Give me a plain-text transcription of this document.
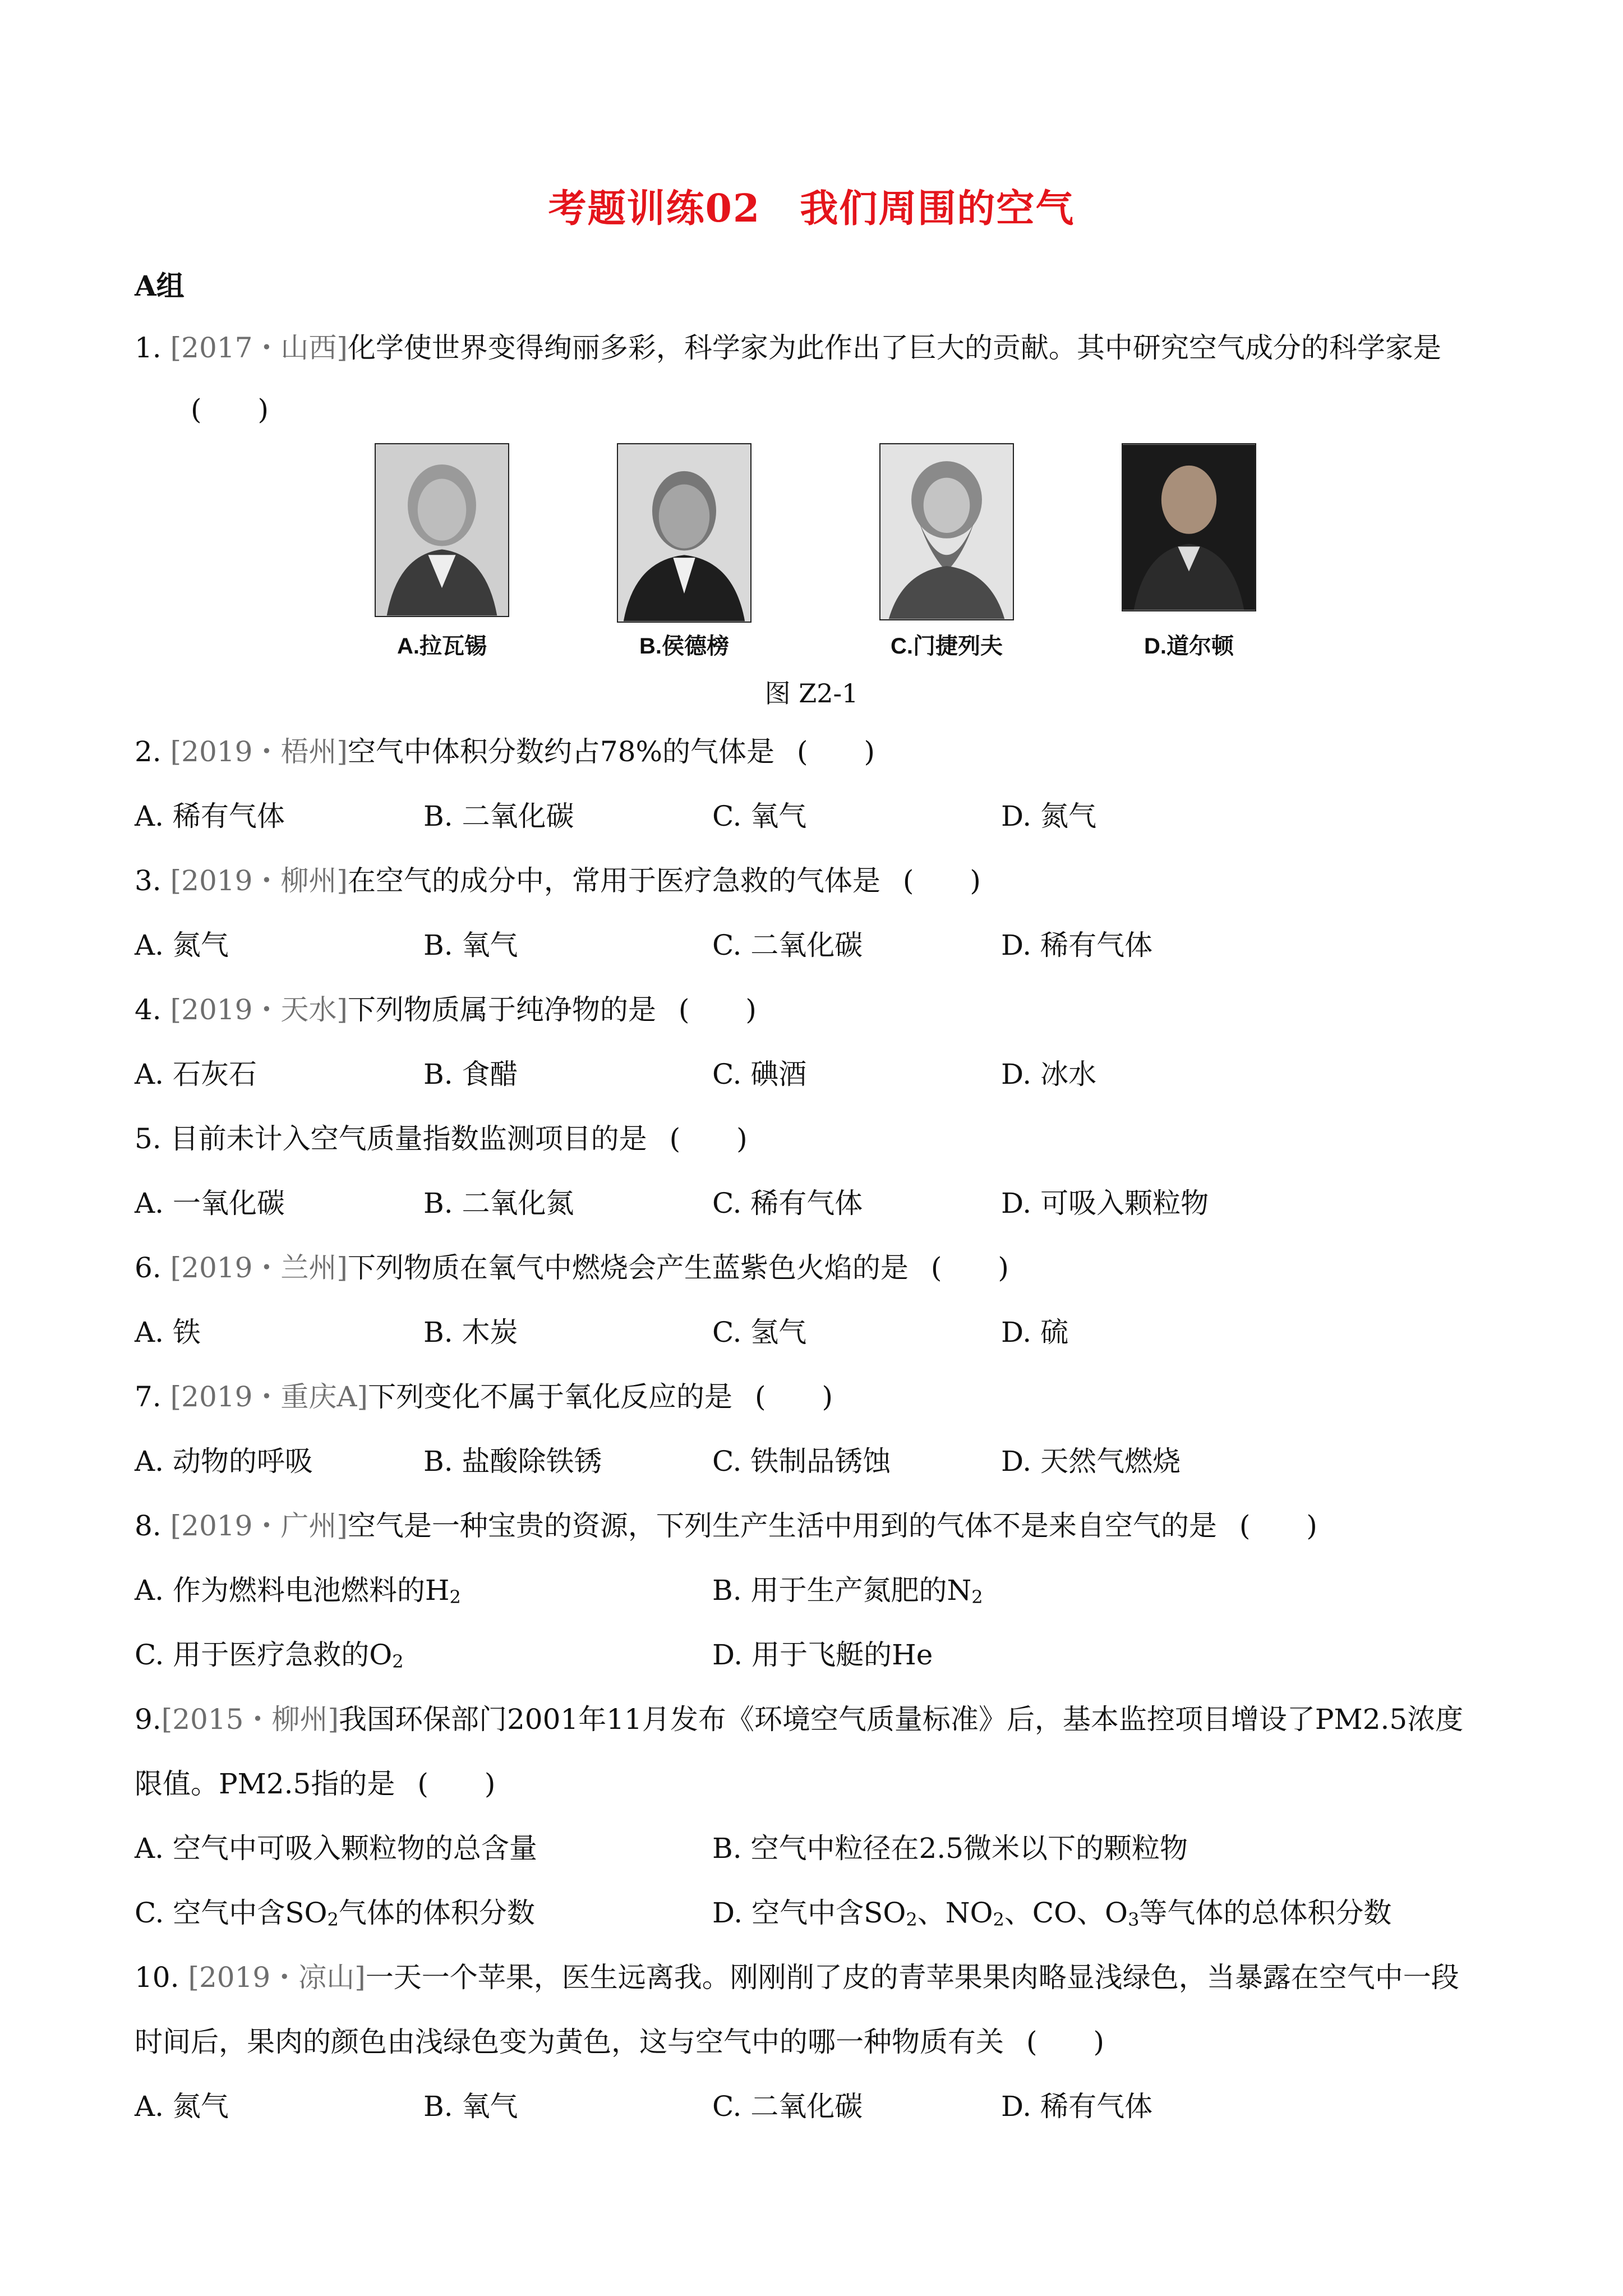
考题训练02 我们周围的空气
A组
1. [2017・山西]化学使世界变得绚丽多彩，科学家为此作出了巨大的贡献。其中研究空气成分的科学家是
(　　)
A.拉瓦锡	B.侯德榜	C.门捷列夫	D.道尔顿
图 Z2-1
2. [2019・梧州]空气中体积分数约占78%的气体是 (　　)
A. 稀有气体	B. 二氧化碳	C. 氧气	D. 氮气
3. [2019・柳州]在空气的成分中，常用于医疗急救的气体是 (　　)
A. 氮气	B. 氧气	C. 二氧化碳	D. 稀有气体
4. [2019・天水]下列物质属于纯净物的是 (　　)
A. 石灰石	B. 食醋	C. 碘酒	D. 冰水
5. 目前未计入空气质量指数监测项目的是 (　　)
A. 一氧化碳	B. 二氧化氮	C. 稀有气体	D. 可吸入颗粒物
6. [2019・兰州]下列物质在氧气中燃烧会产生蓝紫色火焰的是 (　　)
A. 铁	B. 木炭	C. 氢气	D. 硫
7. [2019・重庆A]下列变化不属于氧化反应的是 (　　)
A. 动物的呼吸	B. 盐酸除铁锈	C. 铁制品锈蚀	D. 天然气燃烧
8. [2019・广州]空气是一种宝贵的资源，下列生产生活中用到的气体不是来自空气的是 (　　)
A. 作为燃料电池燃料的$H_2$	B. 用于生产氮肥的$N_2$
C. 用于医疗急救的$O_2$	D. 用于飞艇的He
9.[2015・柳州]我国环保部门2001年11月发布《环境空气质量标准》后，基本监控项目增设了PM2.5浓度
限值。PM2.5指的是 (　　)
A. 空气中可吸入颗粒物的总含量	B. 空气中粒径在2.5微米以下的颗粒物
C. 空气中含$SO_2$气体的体积分数	D. 空气中含$SO_2$、$NO_2$、CO、$O_3$等气体的总体积分数
10. [2019・凉山]一天一个苹果，医生远离我。刚刚削了皮的青苹果果肉略显浅绿色，当暴露在空气中一段
时间后，果肉的颜色由浅绿色变为黄色，这与空气中的哪一种物质有关 (　　)
A. 氮气	B. 氧气	C. 二氧化碳	D. 稀有气体
